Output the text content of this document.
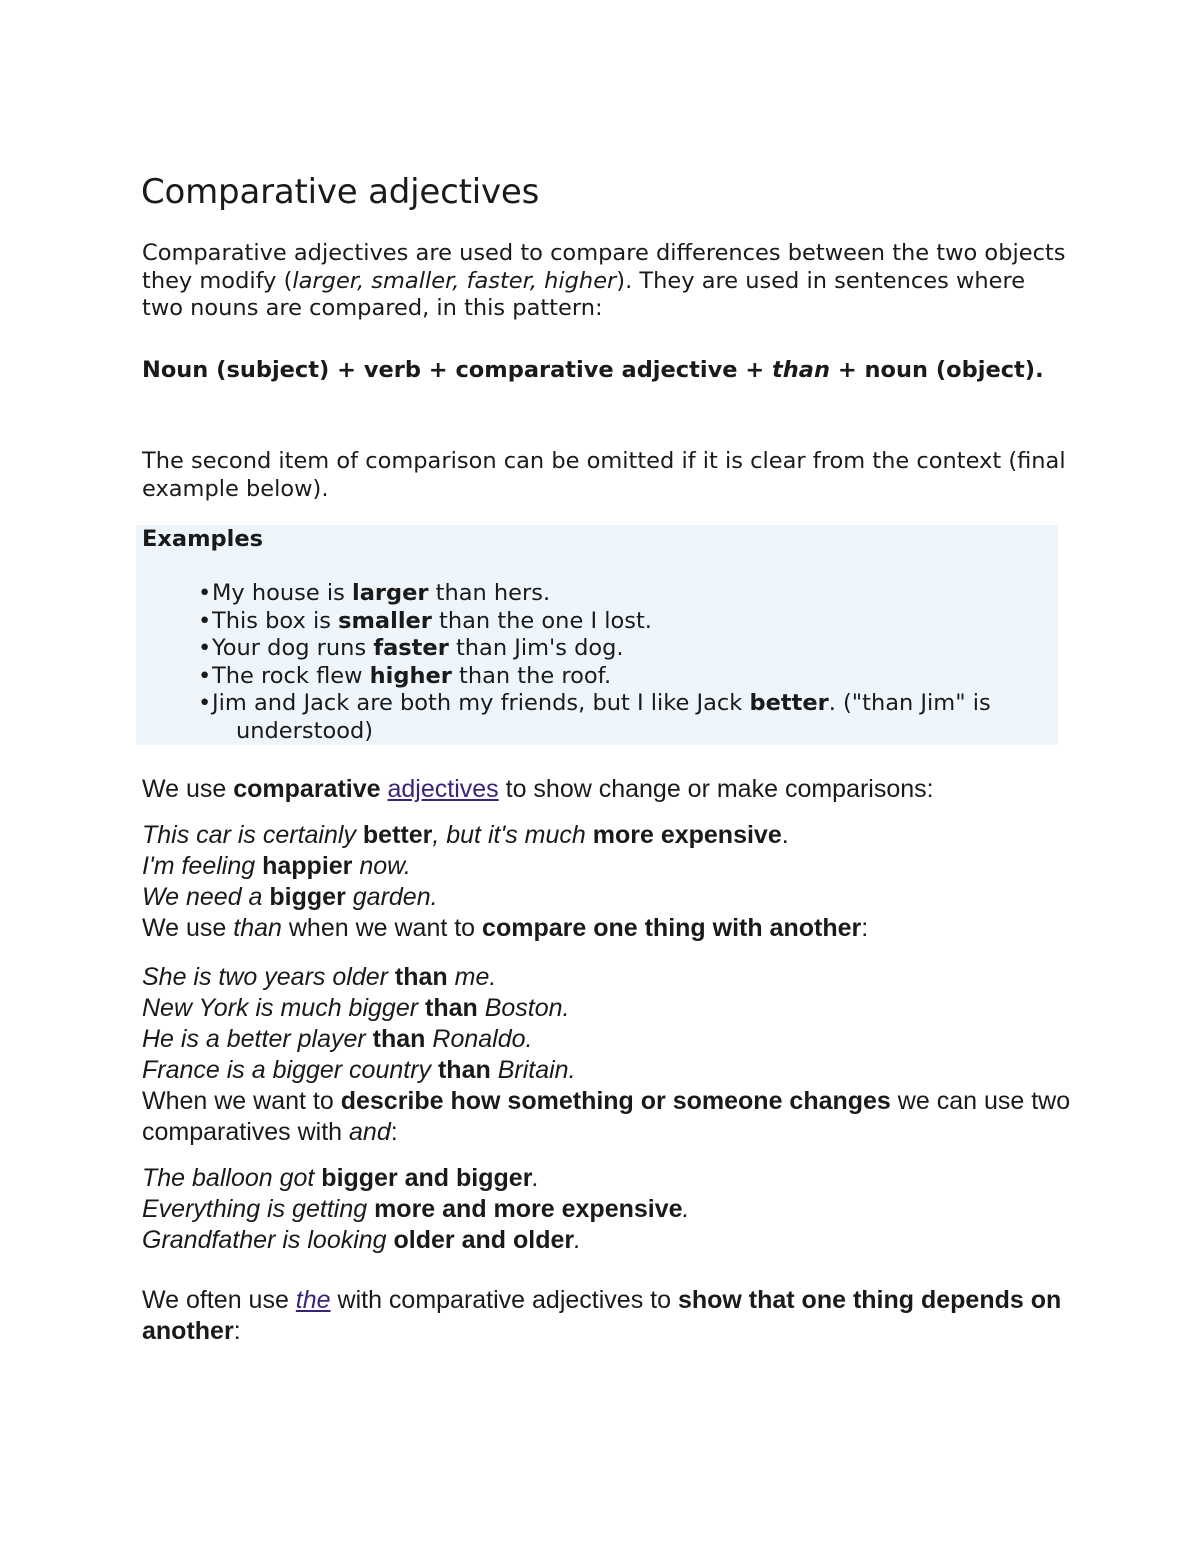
Comparative adjectives
Comparative adjectives are used to compare differences between the two objects they modify (larger, smaller, faster, higher). They are used in sentences where two nouns are compared, in this pattern:
Noun (subject) + verb + comparative adjective + than + noun (object).
The second item of comparison can be omitted if it is clear from the context (final example below).
Examples
•My house is larger than hers.
•This box is smaller than the one I lost.
•Your dog runs faster than Jim's dog.
•The rock flew higher than the roof.
•Jim and Jack are both my friends, but I like Jack better. ("than Jim" is understood)
We use comparative adjectives to show change or make comparisons:
This car is certainly better, but it's much more expensive.
I'm feeling happier now.
We need a bigger garden.
We use than when we want to compare one thing with another:
She is two years older than me.
New York is much bigger than Boston.
He is a better player than Ronaldo.
France is a bigger country than Britain.
When we want to describe how something or someone changes we can use two comparatives with and:
The balloon got bigger and bigger.
Everything is getting more and more expensive.
Grandfather is looking older and older.
We often use the with comparative adjectives to show that one thing depends on another:
